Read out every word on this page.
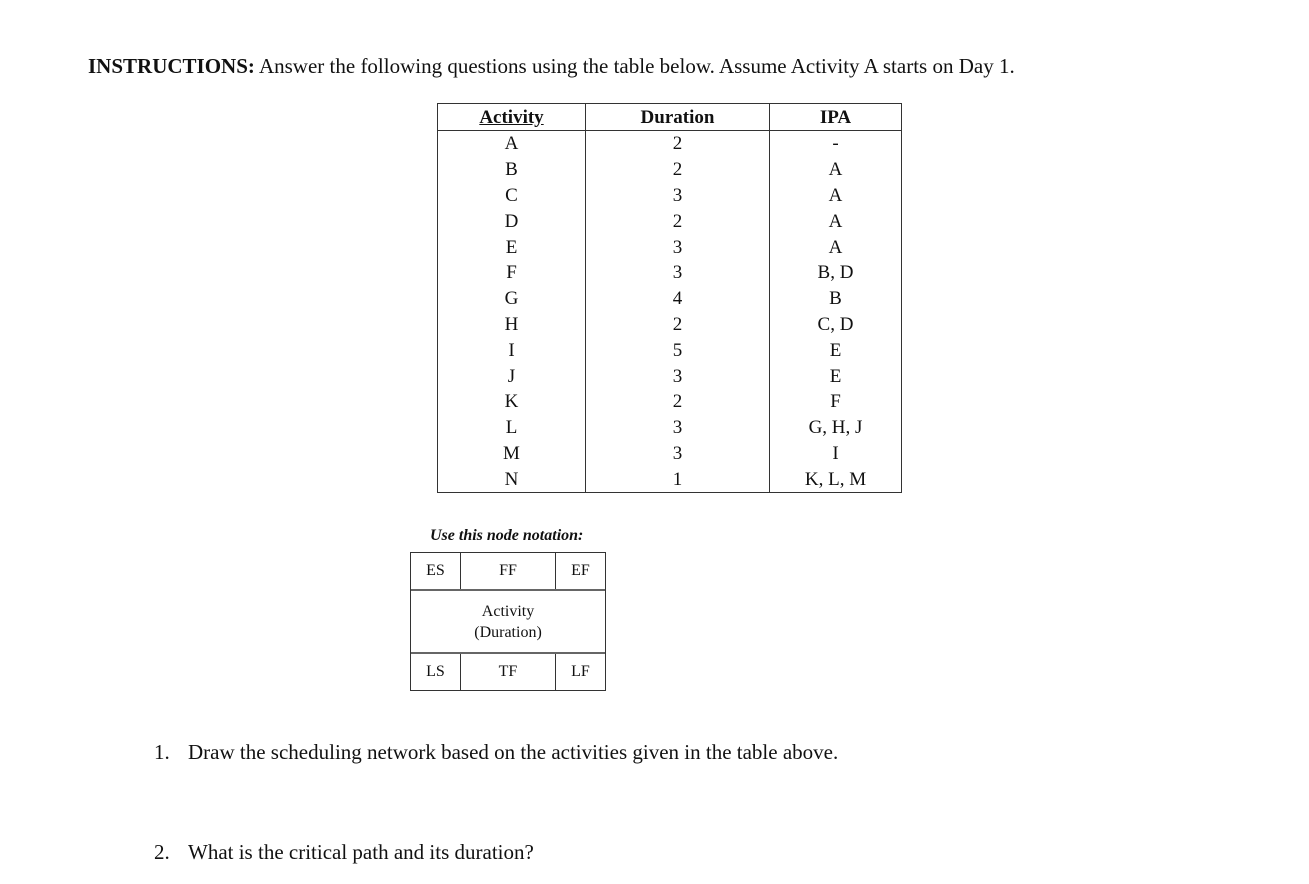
INSTRUCTIONS: Answer the following questions using the table below. Assume Activity A starts on Day 1.
Activity	Duration	IPA
A	2	-
B	2	A
C	3	A
D	2	A
E	3	A
F	3	B, D
G	4	B
H	2	C, D
I	5	E
J	3	E
K	2	F
L	3	G, H, J
M	3	I
N	1	K, L, M
Use this node notation:
ES	FF	EF
Activity
(Duration)
LS	TF	LF
1. Draw the scheduling network based on the activities given in the table above.
2. What is the critical path and its duration?
